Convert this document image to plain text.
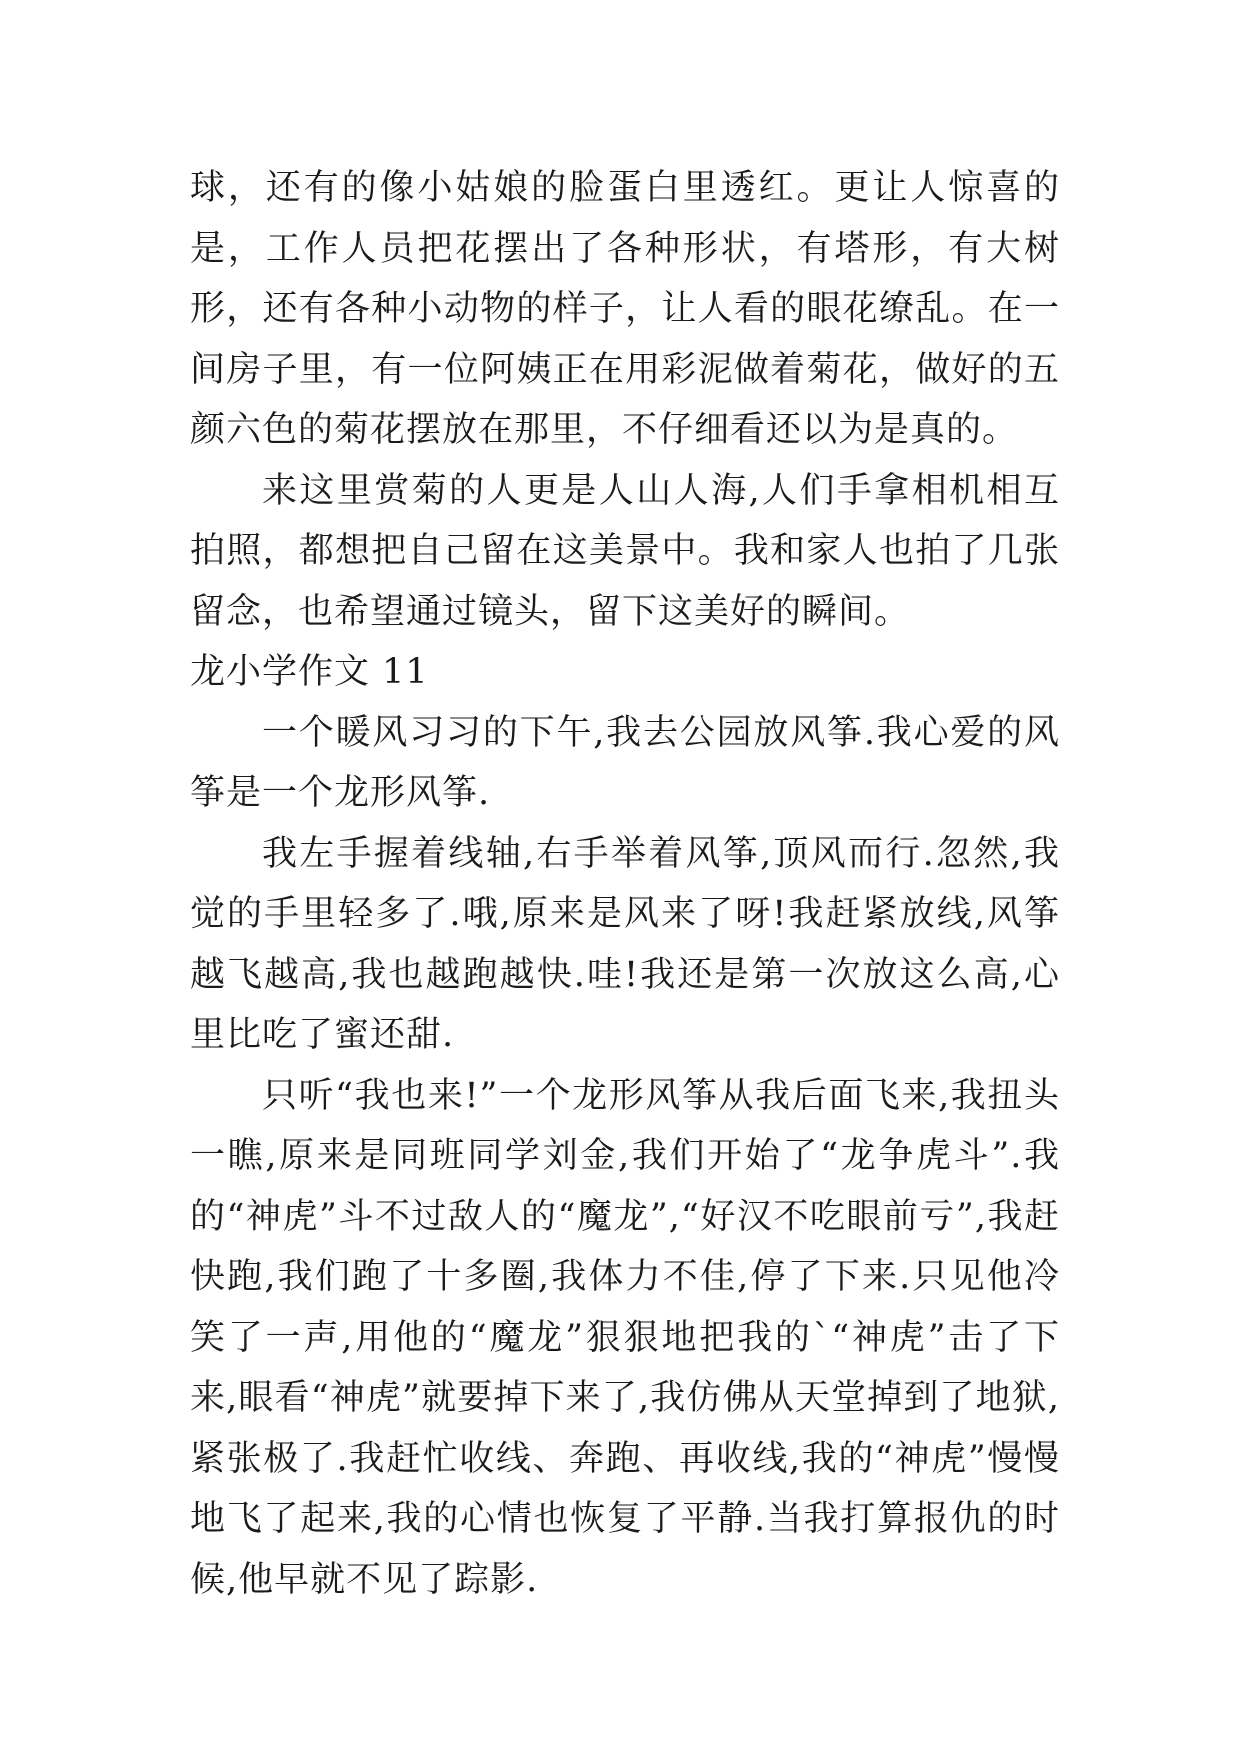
球，还有的像小姑娘的脸蛋白里透红。更让人惊喜的是，工作人员把花摆出了各种形状，有塔形，有大树形，还有各种小动物的样子，让人看的眼花缭乱。在一间房子里，有一位阿姨正在用彩泥做着菊花，做好的五颜六色的菊花摆放在那里，不仔细看还以为是真的。

来这里赏菊的人更是人山人海,人们手拿相机相互拍照，都想把自己留在这美景中。我和家人也拍了几张留念，也希望通过镜头，留下这美好的瞬间。

龙小学作文 11

一个暖风习习的下午,我去公园放风筝.我心爱的风筝是一个龙形风筝.

我左手握着线轴,右手举着风筝,顶风而行.忽然,我觉的手里轻多了.哦,原来是风来了呀!我赶紧放线,风筝越飞越高,我也越跑越快.哇!我还是第一次放这么高,心里比吃了蜜还甜.

只听“我也来!”一个龙形风筝从我后面飞来,我扭头一瞧,原来是同班同学刘金,我们开始了“龙争虎斗”.我的“神虎”斗不过敌人的“魔龙”,“好汉不吃眼前亏”,我赶快跑,我们跑了十多圈,我体力不佳,停了下来.只见他冷笑了一声,用他的“魔龙”狠狠地把我的`“神虎”击了下来,眼看“神虎”就要掉下来了,我仿佛从天堂掉到了地狱,紧张极了.我赶忙收线、奔跑、再收线,我的“神虎”慢慢地飞了起来,我的心情也恢复了平静.当我打算报仇的时候,他早就不见了踪影.
